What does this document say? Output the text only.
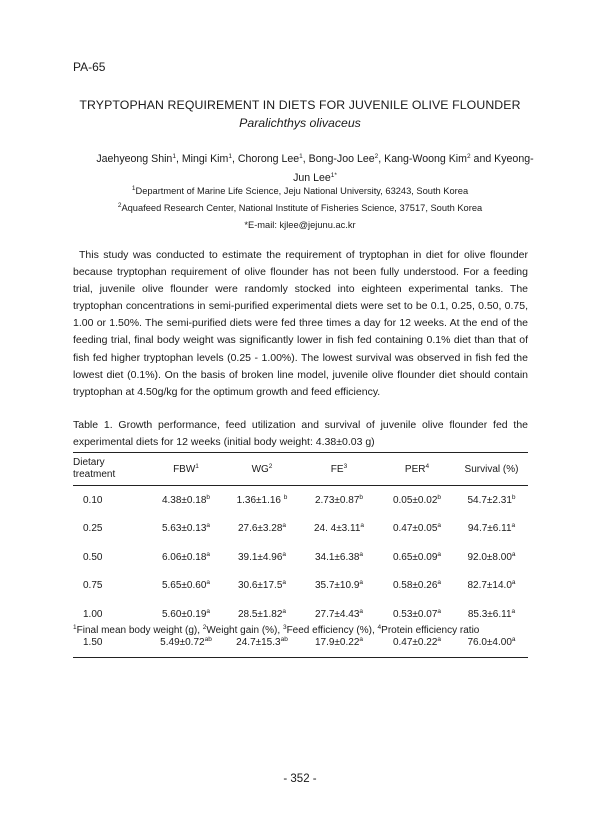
PA-65
TRYPTOPHAN REQUIREMENT IN DIETS FOR JUVENILE OLIVE FLOUNDER
Paralichthys olivaceus
Jaehyeong Shin$^1$, Mingi Kim$^1$, Chorong Lee$^1$, Bong-Joo Lee$^2$, Kang-Woong Kim$^2$ and Kyeong-Jun Lee$^{1*}$
$^1$Department of Marine Life Science, Jeju National University, 63243, South Korea
$^2$Aquafeed Research Center, National Institute of Fisheries Science, 37517, South Korea
*E-mail: kjlee@jejunu.ac.kr
This study was conducted to estimate the requirement of tryptophan in diet for olive flounder because tryptophan requirement of olive flounder has not been fully understood. For a feeding trial, juvenile olive flounder were randomly stocked into eighteen experimental tanks. The tryptophan concentrations in semi-purified experimental diets were set to be 0.1, 0.25, 0.50, 0.75, 1.00 or 1.50%. The semi-purified diets were fed three times a day for 12 weeks. At the end of the feeding trial, final body weight was significantly lower in fish fed containing 0.1% diet than that of fish fed higher tryptophan levels (0.25 - 1.00%). The lowest survival was observed in fish fed the lowest diet (0.1%). On the basis of broken line model, juvenile olive flounder diet should contain tryptophan at 4.50g/kg for the optimum growth and feed efficiency.
Table 1. Growth performance, feed utilization and survival of juvenile olive flounder fed the experimental diets for 12 weeks (initial body weight: 4.38±0.03 g)
Dietary treatment	FBW$^1$	$WG^2$	$FE^3$	PER$^4$	Survival (%)
0.10	4.38±0.18$^b$	1.36±1.16 $^b$	2.73±0.87$^b$	0.05±0.02$^b$	54.7±2.31$^b$
0.25	5.63±0.13$^a$	27.6±3.28$^a$	24. 4±3.11$^a$	0.47±0.05$^a$	94.7±6.11$^a$
0.50	6.06±0.18$^a$	39.1±4.96$^a$	34.1±6.38$^a$	0.65±0.09$^a$	92.0±8.00$^a$
0.75	5.65±0.60$^a$	30.6±17.5$^a$	35.7±10.9$^a$	0.58±0.26$^a$	82.7±14.0$^a$
1.00	5.60±0.19$^a$	28.5±1.82$^a$	27.7±4.43$^a$	0.53±0.07$^a$	85.3±6.11$^a$
1.50	5.49±0.72$^{ab}$	24.7±15.3$^{ab}$	17.9±0.22$^a$	0.47±0.22$^a$	76.0±4.00$^a$
$^1$Final mean body weight (g), $^2$Weight gain (%), $^3$Feed efficiency (%), $^4$Protein efficiency ratio
- 352 -
